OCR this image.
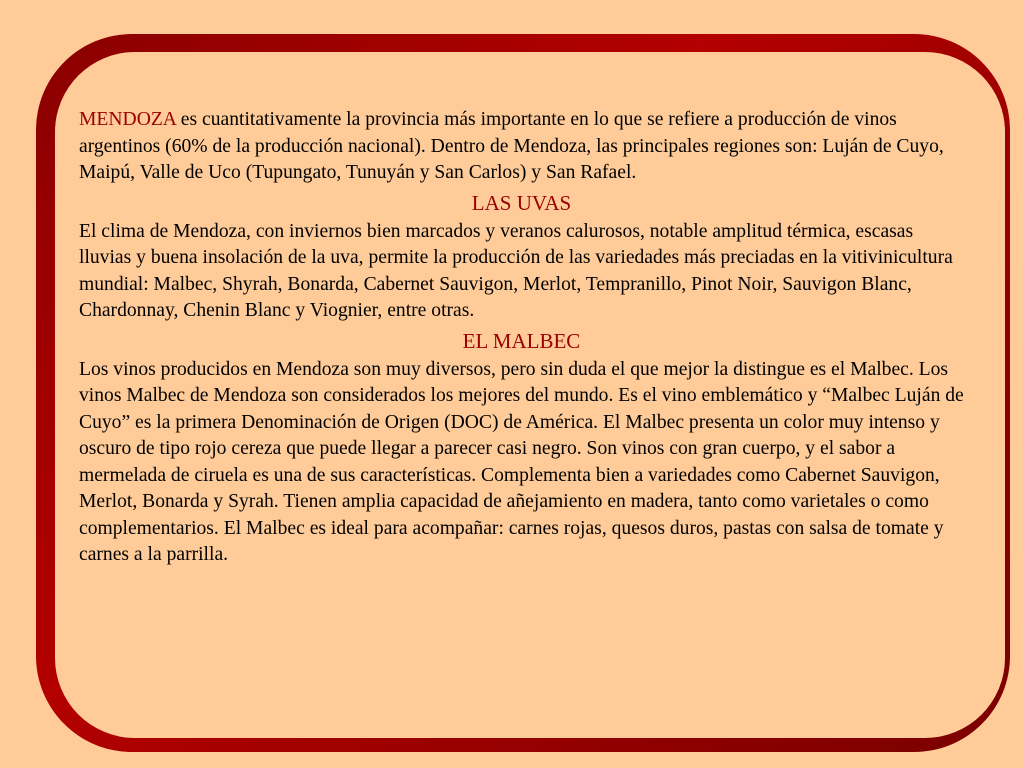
MENDOZA es cuantitativamente la provincia más importante en lo que se refiere a producción de vinos argentinos (60% de la producción nacional). Dentro de Mendoza, las principales regiones son: Luján de Cuyo, Maipú, Valle de Uco (Tupungato, Tunuyán y San Carlos) y San Rafael.

LAS UVAS

El clima de Mendoza, con inviernos bien marcados y veranos calurosos, notable amplitud térmica, escasas lluvias y buena insolación de la uva, permite la producción de las variedades más preciadas en la vitivinicultura mundial: Malbec, Shyrah, Bonarda, Cabernet Sauvigon, Merlot, Tempranillo, Pinot Noir, Sauvigon Blanc, Chardonnay, Chenin Blanc y Viognier, entre otras.

EL MALBEC

Los vinos producidos en Mendoza son muy diversos, pero sin duda el que mejor la distingue es el Malbec. Los vinos Malbec de Mendoza son considerados los mejores del mundo. Es el vino emblemático y “Malbec Luján de Cuyo” es la primera Denominación de Origen (DOC) de América. El Malbec presenta un color muy intenso y oscuro de tipo rojo cereza que puede llegar a parecer casi negro. Son vinos con gran cuerpo, y el sabor a mermelada de ciruela es una de sus características. Complementa bien a variedades como Cabernet Sauvigon, Merlot, Bonarda y Syrah. Tienen amplia capacidad de añejamiento en madera, tanto como varietales o como complementarios. El Malbec es ideal para acompañar: carnes rojas, quesos duros, pastas con salsa de tomate y carnes a la parrilla.
